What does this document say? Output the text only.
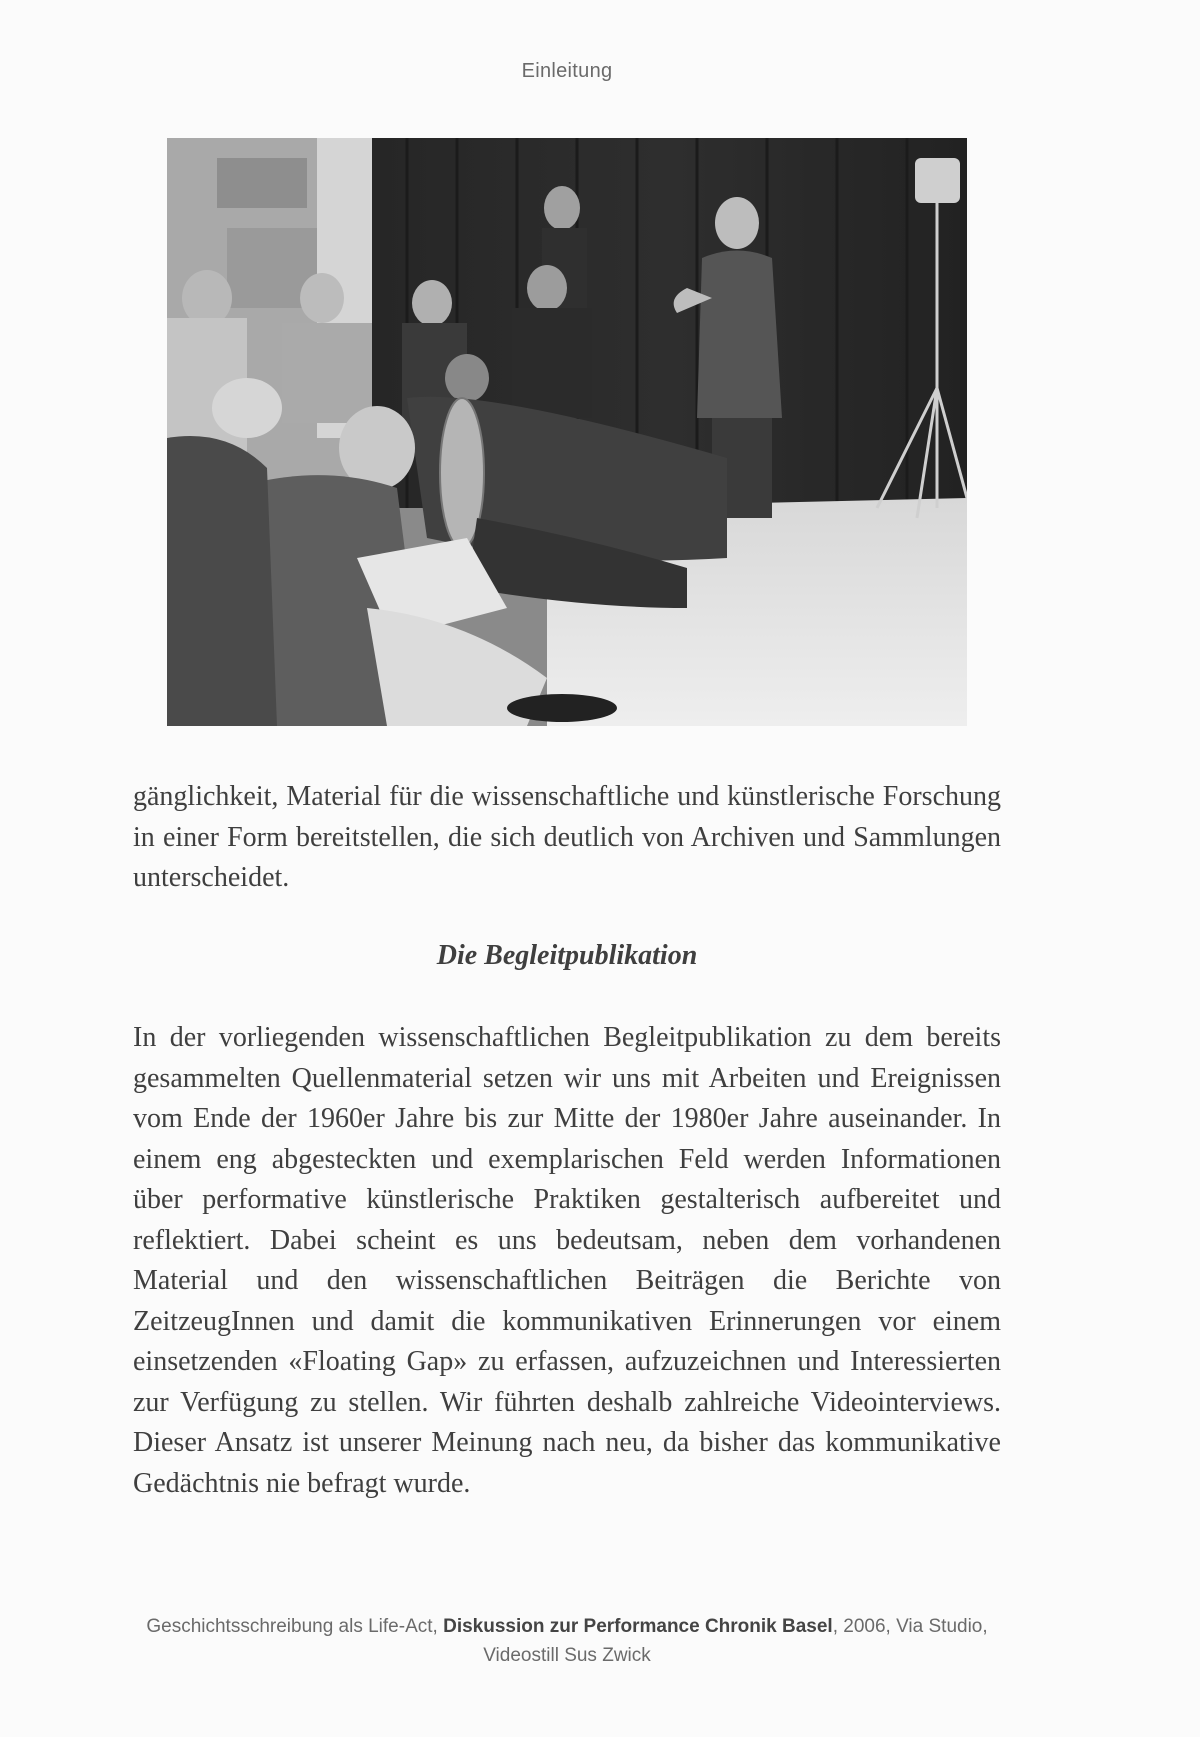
Einleitung

gänglichkeit, Material für die wissenschaftliche und künstlerische Forschung in einer Form bereitstellen, die sich deutlich von Archiven und Sammlungen unterscheidet.

Die Begleitpublikation

In der vorliegenden wissenschaftlichen Begleitpublikation zu dem bereits gesammelten Quellenmaterial setzen wir uns mit Arbeiten und Ereignissen vom Ende der 1960er Jahre bis zur Mitte der 1980er Jahre auseinander. In einem eng abgesteckten und exemplarischen Feld werden Informationen über performative künstlerische Praktiken gestalterisch aufbereitet und reflektiert. Dabei scheint es uns bedeutsam, neben dem vorhandenen Material und den wissenschaftlichen Beiträgen die Berichte von ZeitzeugInnen und damit die kommunikativen Erinnerungen vor einem einsetzenden «Floating Gap» zu erfassen, aufzuzeichnen und Interessierten zur Verfügung zu stellen. Wir führten deshalb zahlreiche Videointerviews. Dieser Ansatz ist unserer Meinung nach neu, da bisher das kommunikative Gedächtnis nie befragt wurde.

Geschichtsschreibung als Life-Act, Diskussion zur Performance Chronik Basel, 2006, Via Studio,
Videostill Sus Zwick
